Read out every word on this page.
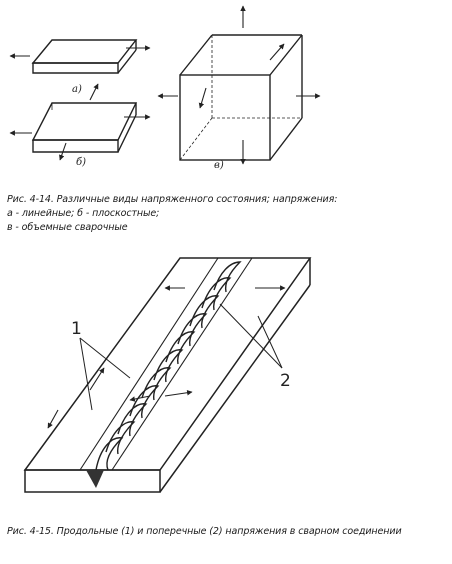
а)
б)	в)
Рис. 4-14. Различные виды напряженного состояния; напряжения:
а - линейные; б - плоскостные;
в - объемные сварочные
1
2
Рис. 4-15. Продольные (1) и поперечные (2) напряжения в сварном соединении
